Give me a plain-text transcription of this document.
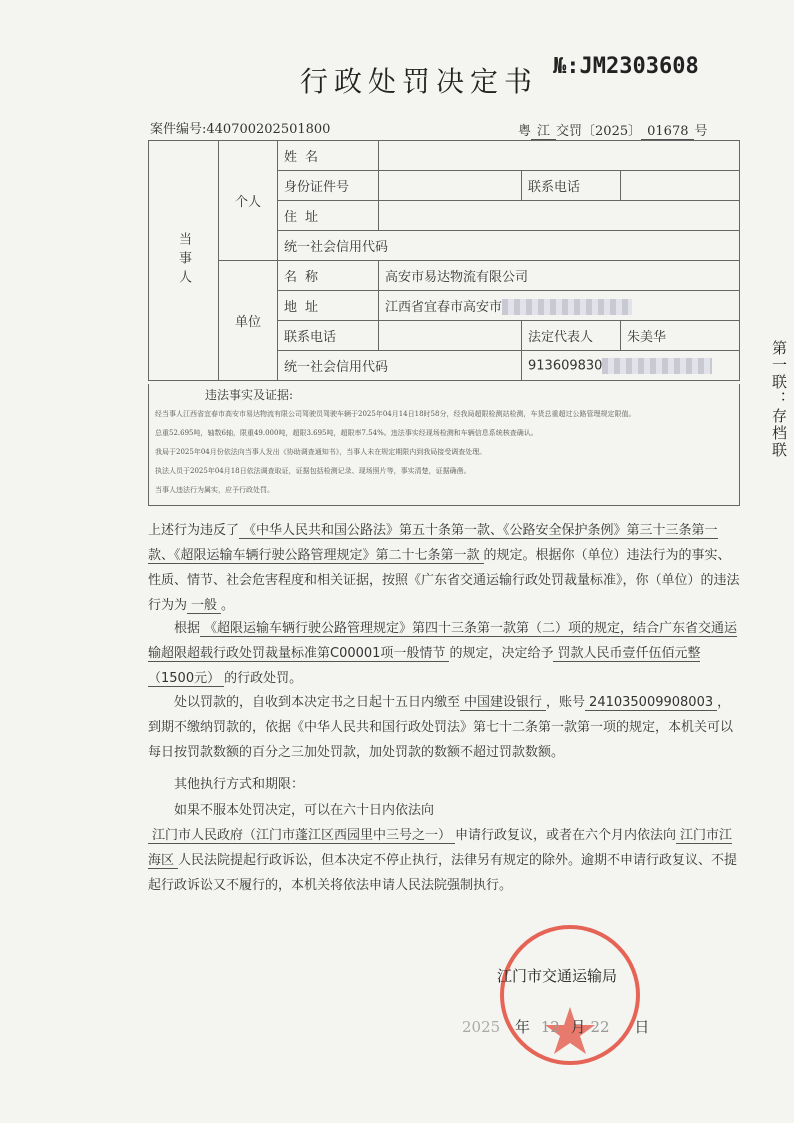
行政处罚决定书 №:JM2303608
案件编号:440700202501800	粤 江 交罚〔2025〕 01678 号
当事人	个人	姓名			
		身份证件号		联系电话	
		住址			
		统一社会信用代码			
	单位	名称	高安市易达物流有限公司		
		地址	江西省宜春市高安市		
		联系电话		法定代表人	朱美华
		统一社会信用代码		913609830	
违法事实及证据:
经当事人江西省宜春市高安市易达物流有限公司驾驶员驾驶车辆于2025年04月14日18时58分，经我局超限检测站检测，车货总重超过公路管理规定限值。
总重52.695吨，轴数6轴，限重49.000吨，超限3.695吨，超限率7.54%。违法事实经现场检测和车辆信息系统核查确认。
我局于2025年04月份依法向当事人发出《协助调查通知书》，当事人未在规定期限内到我局接受调查处理。
执法人员于2025年04月18日依法调查取证，证据包括检测记录、现场照片等，事实清楚，证据确凿。
当事人违法行为属实，应予行政处罚。
第一联：存档联
上述行为违反了 《中华人民共和国公路法》第五十条第一款、《公路安全保护条例》第三十三条第一款、《超限运输车辆行驶公路管理规定》第二十七条第一款 的规定。根据你（单位）违法行为的事实、性质、情节、社会危害程度和相关证据，按照《广东省交通运输行政处罚裁量标准》，你（单位）的违法行为为 一般 。
根据 《超限运输车辆行驶公路管理规定》第四十三条第一款第（二）项的规定，结合广东省交通运输超限超载行政处罚裁量标准第C00001项一般情节 的规定，决定给予 罚款人民币壹仟伍佰元整（1500元） 的行政处罚。
处以罚款的，自收到本决定书之日起十五日内缴至 中国建设银行 ，账号 241035009908003 ，到期不缴纳罚款的，依据《中华人民共和国行政处罚法》第七十二条第一款第一项的规定，本机关可以每日按罚款数额的百分之三加处罚款，加处罚款的数额不超过罚款数额。
其他执行方式和期限：
如果不服本处罚决定，可以在六十日内依法向江门市人民政府（江门市蓬江区西园里中三号之一） 申请行政复议，或者在六个月内依法向 江门市江海区 人民法院提起行政诉讼，但本决定不停止执行，法律另有规定的除外。逾期不申请行政复议、不提起行政诉讼又不履行的，本机关将依法申请人民法院强制执行。
江门市交通运输局
2025 年 12 月 22 日
